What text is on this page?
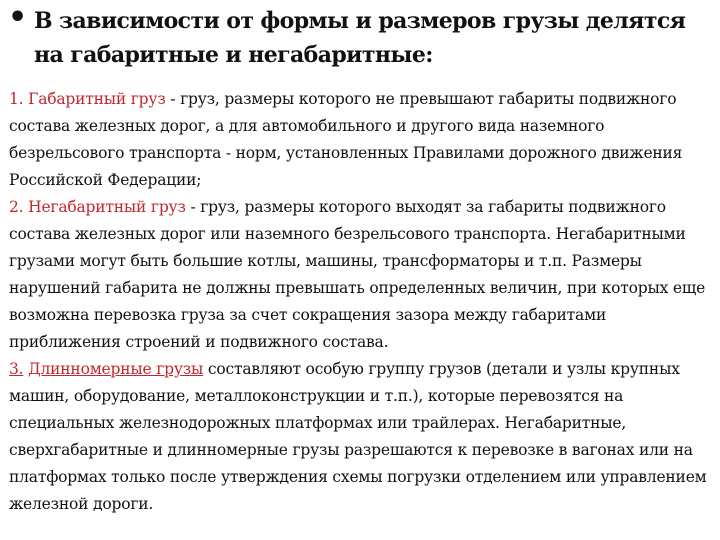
• В зависимости от формы и размеров грузы делятся на габаритные и негабаритные:

1. Габаритный груз - груз, размеры которого не превышают габариты подвижного состава железных дорог, а для автомобильного и другого вида наземного безрельсового транспорта - норм, установленных Правилами дорожного движения Российской Федерации;

2. Негабаритный груз - груз, размеры которого выходят за габариты подвижного состава железных дорог или наземного безрельсового транспорта. Негабаритными грузами могут быть большие котлы, машины, трансформаторы и т.п. Размеры нарушений габарита не должны превышать определенных величин, при которых еще возможна перевозка груза за счет сокращения зазора между габаритами приближения строений и подвижного состава.

3. Длинномерные грузы составляют особую группу грузов (детали и узлы крупных машин, оборудование, металлоконструкции и т.п.), которые перевозятся на специальных железнодорожных платформах или трайлерах. Негабаритные, сверхгабаритные и длинномерные грузы разрешаются к перевозке в вагонах или на платформах только после утверждения схемы погрузки отделением или управлением железной дороги.
